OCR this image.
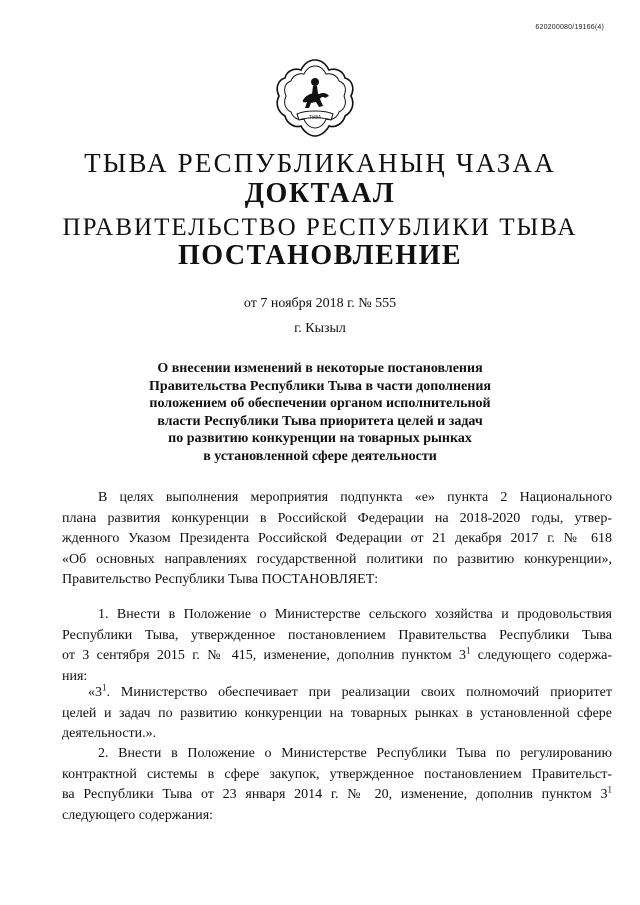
620200080/19166(4)
ТЫВА
ТЫВА РЕСПУБЛИКАНЫҢ ЧАЗАА
ДОКТААЛ
ПРАВИТЕЛЬСТВО РЕСПУБЛИКИ ТЫВА
ПОСТАНОВЛЕНИЕ
от 7 ноября 2018 г. № 555
г. Кызыл
О внесении изменений в некоторые постановления
Правительства Республики Тыва в части дополнения
положением об обеспечении органом исполнительной
власти Республики Тыва приоритета целей и задач
по развитию конкуренции на товарных рынках
в установленной сфере деятельности
В целях выполнения мероприятия подпункта «е» пункта 2 Национального
плана развития конкуренции в Российской Федерации на 2018-2020 годы, утвер-
жденного Указом Президента Российской Федерации от 21 декабря 2017 г. № 618
«Об основных направлениях государственной политики по развитию конкуренции»,
Правительство Республики Тыва ПОСТАНОВЛЯЕТ:
1. Внести в Положение о Министерстве сельского хозяйства и продовольствия
Республики Тыва, утвержденное постановлением Правительства Республики Тыва
от 3 сентября 2015 г. № 415, изменение, дополнив пунктом $3^1$ следующего содержа-
ния:
«$3^1$. Министерство обеспечивает при реализации своих полномочий приоритет
целей и задач по развитию конкуренции на товарных рынках в установленной сфере
деятельности.».
2. Внести в Положение о Министерстве Республики Тыва по регулированию
контрактной системы в сфере закупок, утвержденное постановлением Правительст-
ва Республики Тыва от 23 января 2014 г. № 20, изменение, дополнив пунктом $3^1$
следующего содержания:
